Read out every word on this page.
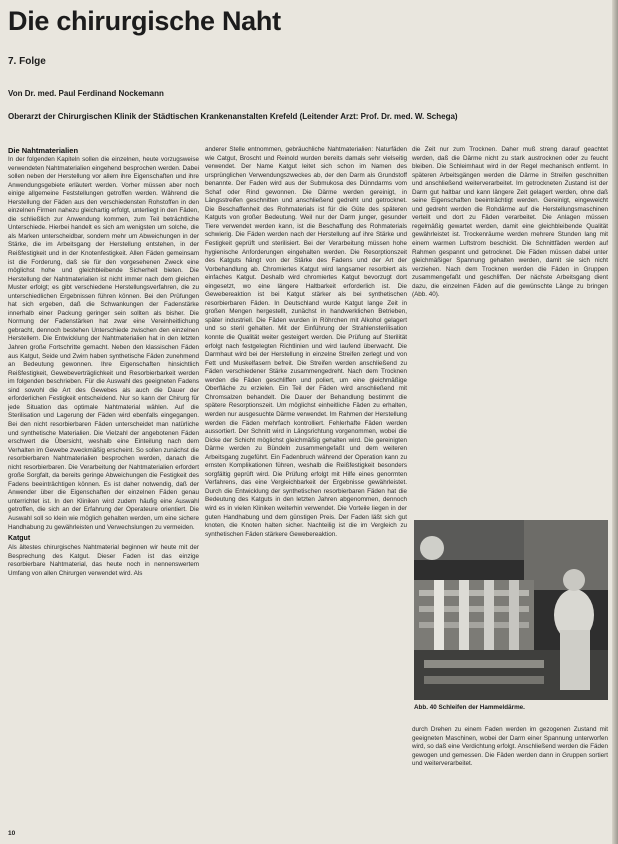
Die chirurgische Naht
7. Folge
Von Dr. med. Paul Ferdinand Nockemann
Oberarzt der Chirurgischen Klinik der Städtischen Krankenanstalten Krefeld (Leitender Arzt: Prof. Dr. med. W. Schega)
Die Nahtmaterialien

In der folgenden Kapiteln sollen die einzelnen, heute vorzugsweise verwendeten Nahtmaterialien eingehend besprochen werden. Dabei sollen neben der Herstellung vor allem ihre Eigenschaften und ihre Anwendungsgebiete erläutert werden. Vorher müssen aber noch einige allgemeine Feststellungen getroffen werden. Während die Herstellung der Fäden aus den verschiedensten Rohstoffen in den einzelnen Firmen nahezu gleichartig erfolgt, unterliegt in den Fäden, die schließlich zur Anwendung kommen, zum Teil beträchtliche Unterschiede. Hierbei handelt es sich am wenigsten um solche, die als Marken unterscheidbar, sondern mehr um Abweichungen in der Stärke, die im Arbeitsgang der Herstellung entstehen, in der Reißfestigkeit und in der Knotenfestigkeit. Allen Fäden gemeinsam ist die Forderung, daß sie für den vorgesehenen Zweck eine möglichst hohe und gleichbleibende Sicherheit bieten. Die Herstellung der Nahtmaterialien ist nicht immer nach dem gleichen Muster erfolgt; es gibt verschiedene Herstellungsverfahren, die zu unterschiedlichen Ergebnissen führen können. Bei den Prüfungen hat sich ergeben, daß die Schwankungen der Fadenstärke innerhalb einer Packung geringer sein sollten als bisher. Die Normung der Fadenstärken hat zwar eine Vereinheitlichung gebracht, dennoch bestehen Unterschiede zwischen den einzelnen Herstellern. Die Entwicklung der Nahtmaterialien hat in den letzten Jahren große Fortschritte gemacht. Neben den klassischen Fäden aus Katgut, Seide und Zwirn haben synthetische Fäden zunehmend an Bedeutung gewonnen. Ihre Eigenschaften hinsichtlich Reißfestigkeit, Gewebeverträglichkeit und Resorbierbarkeit werden im folgenden beschrieben. Für die Auswahl des geeigneten Fadens sind sowohl die Art des Gewebes als auch die Dauer der erforderlichen Festigkeit entscheidend. Nur so kann der Chirurg für jede Situation das optimale Nahtmaterial wählen. Auf die Sterilisation und Lagerung der Fäden wird ebenfalls eingegangen. Bei den nicht resorbierbaren Fäden unterscheidet man natürliche und synthetische Materialien. Die Vielzahl der angebotenen Fäden erschwert die Übersicht, weshalb eine Einteilung nach dem Verhalten im Gewebe zweckmäßig erscheint. So sollen zunächst die resorbierbaren Nahtmaterialien besprochen werden, danach die nicht resorbierbaren. Die Verarbeitung der Nahtmaterialien erfordert große Sorgfalt, da bereits geringe Abweichungen die Festigkeit des Fadens beeinträchtigen können. Es ist daher notwendig, daß der Anwender über die Eigenschaften der einzelnen Fäden genau unterrichtet ist. In den Kliniken wird zudem häufig eine Auswahl getroffen, die sich an der Erfahrung der Operateure orientiert. Die Auswahl soll so klein wie möglich gehalten werden, um eine sichere Handhabung zu gewährleisten und Verwechslungen zu vermeiden.

Katgut

Als ältestes chirurgisches Nahtmaterial beginnen wir heute mit der Besprechung des Katgut. Dieser Faden ist das einzige resorbierbare Nahtmaterial, das heute noch in nennenswertem Umfang von allen Chirurgen verwendet wird. Als

anderer Stelle entnommen, gebräuchliche Nahtmaterialien: Naturfäden wie Catgut, Broscht und Reinold wurden bereits damals sehr vielseitig verwendet. Der Name Katgut leitet sich schon im Namen des ursprünglichen Verwendungszweckes ab, der den Darm als Grundstoff benannte. Der Faden wird aus der Submukosa des Dünndarms vom Schaf oder Rind gewonnen. Die Därme werden gereinigt, in Längsstreifen geschnitten und anschließend gedreht und getrocknet. Die Beschaffenheit des Rohmaterials ist für die Güte des späteren Katguts von großer Bedeutung. Weil nur der Darm junger, gesunder Tiere verwendet werden kann, ist die Beschaffung des Rohmaterials schwierig. Die Fäden werden nach der Herstellung auf ihre Stärke und Festigkeit geprüft und sterilisiert. Bei der Verarbeitung müssen hohe hygienische Anforderungen eingehalten werden. Die Resorptionszeit des Katguts hängt von der Stärke des Fadens und der Art der Vorbehandlung ab. Chromiertes Katgut wird langsamer resorbiert als einfaches Katgut. Deshalb wird chromiertes Katgut bevorzugt dort eingesetzt, wo eine längere Haltbarkeit erforderlich ist. Die Gewebereaktion ist bei Katgut stärker als bei synthetischen resorbierbaren Fäden. In Deutschland wurde Katgut lange Zeit in großen Mengen hergestellt, zunächst in handwerklichen Betrieben, später industriell. Die Fäden wurden in Röhrchen mit Alkohol gelagert und so steril gehalten. Mit der Einführung der Strahlensterilisation konnte die Qualität weiter gesteigert werden. Die Prüfung auf Sterilität erfolgt nach festgelegten Richtlinien und wird laufend überwacht. Die Darmhaut wird bei der Herstellung in einzelne Streifen zerlegt und von Fett und Muskelfasern befreit. Die Streifen werden anschließend zu Fäden verschiedener Stärke zusammengedreht. Nach dem Trocknen werden die Fäden geschliffen und poliert, um eine gleichmäßige Oberfläche zu erzielen. Ein Teil der Fäden wird anschließend mit Chromsalzen behandelt. Die Dauer der Behandlung bestimmt die spätere Resorptionszeit. Um möglichst einheitliche Fäden zu erhalten, werden nur ausgesuchte Därme verwendet. Im Rahmen der Herstellung werden die Fäden mehrfach kontrolliert. Fehlerhafte Fäden werden aussortiert. Der Schnitt wird in Längsrichtung vorgenommen, wobei die Dicke der Schicht möglichst gleichmäßig gehalten wird. Die gereinigten Därme werden zu Bündeln zusammengefaßt und dem weiteren Arbeitsgang zugeführt. Ein Fadenbruch während der Operation kann zu ernsten Komplikationen führen, weshalb die Reißfestigkeit besonders sorgfältig geprüft wird. Die Prüfung erfolgt mit Hilfe eines genormten Verfahrens, das eine Vergleichbarkeit der Ergebnisse gewährleistet. Durch die Entwicklung der synthetischen resorbierbaren Fäden hat die Bedeutung des Katguts in den letzten Jahren abgenommen, dennoch wird es in vielen Kliniken weiterhin verwendet. Die Vorteile liegen in der guten Handhabung und dem günstigen Preis. Der Faden läßt sich gut knoten, die Knoten halten sicher. Nachteilig ist die im Vergleich zu synthetischen Fäden stärkere Gewebereaktion.

die Zeit nur zum Trocknen. Daher muß streng darauf geachtet werden, daß die Därme nicht zu stark austrocknen oder zu feucht bleiben. Die Schleimhaut wird in der Regel mechanisch entfernt. In späteren Arbeitsgängen werden die Därme in Streifen geschnitten und anschließend weiterverarbeitet. Im getrockneten Zustand ist der Darm gut haltbar und kann längere Zeit gelagert werden, ohne daß seine Eigenschaften beeinträchtigt werden. Gereinigt, eingeweicht und gedreht werden die Rohdärme auf die Herstellungsmaschinen verteilt und dort zu Fäden verarbeitet. Die Anlagen müssen regelmäßig gewartet werden, damit eine gleichbleibende Qualität gewährleistet ist. Trockenräume werden mehrere Stunden lang mit einem warmen Luftstrom beschickt. Die Schnittfäden werden auf Rahmen gespannt und getrocknet. Die Fäden müssen dabei unter gleichmäßiger Spannung gehalten werden, damit sie sich nicht verziehen. Nach dem Trocknen werden die Fäden in Gruppen zusammengefaßt und geschliffen. Der nächste Arbeitsgang dient dazu, die einzelnen Fäden auf die gewünschte Länge zu bringen (Abb. 40).

Abb. 40 Schleifen der Hammeldärme.

durch Drehen zu einem Faden werden im gezogenen Zustand mit geeigneten Maschinen, wobei der Darm einer Spannung unterworfen wird, so daß eine Verdichtung erfolgt. Anschließend werden die Fäden gewogen und gemessen. Die Fäden werden dann in Gruppen sortiert und weiterverarbeitet.

10
